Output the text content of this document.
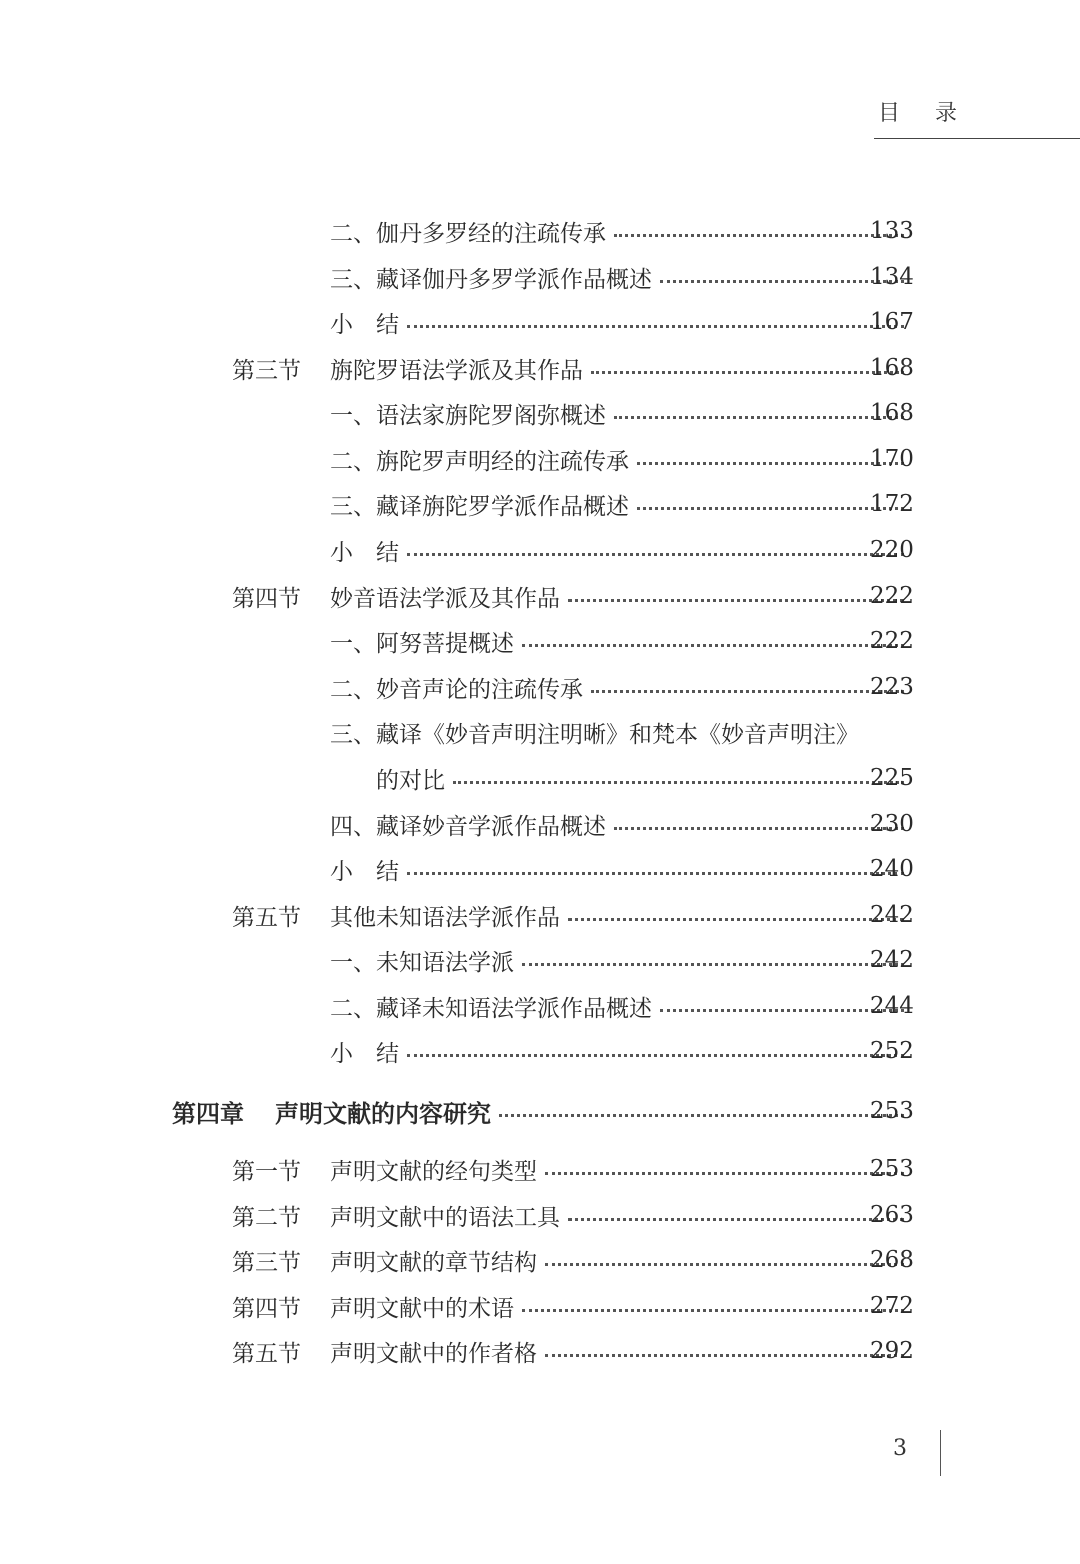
目 录
二、伽丹多罗经的注疏传承	133
三、藏译伽丹多罗学派作品概述	134
小　结	167
第三节	旃陀罗语法学派及其作品	168
一、语法家旃陀罗阁弥概述	168
二、旃陀罗声明经的注疏传承	170
三、藏译旃陀罗学派作品概述	172
小　结	220
第四节	妙音语法学派及其作品	222
一、阿努菩提概述	222
二、妙音声论的注疏传承	223
三、藏译《妙音声明注明晰》和梵本《妙音声明注》
的对比	225
四、藏译妙音学派作品概述	230
小　结	240
第五节	其他未知语法学派作品	242
一、未知语法学派	242
二、藏译未知语法学派作品概述	244
小　结	252
第四章	声明文献的内容研究	253
第一节	声明文献的经句类型	253
第二节	声明文献中的语法工具	263
第三节	声明文献的章节结构	268
第四节	声明文献中的术语	272
第五节	声明文献中的作者格	292
3
